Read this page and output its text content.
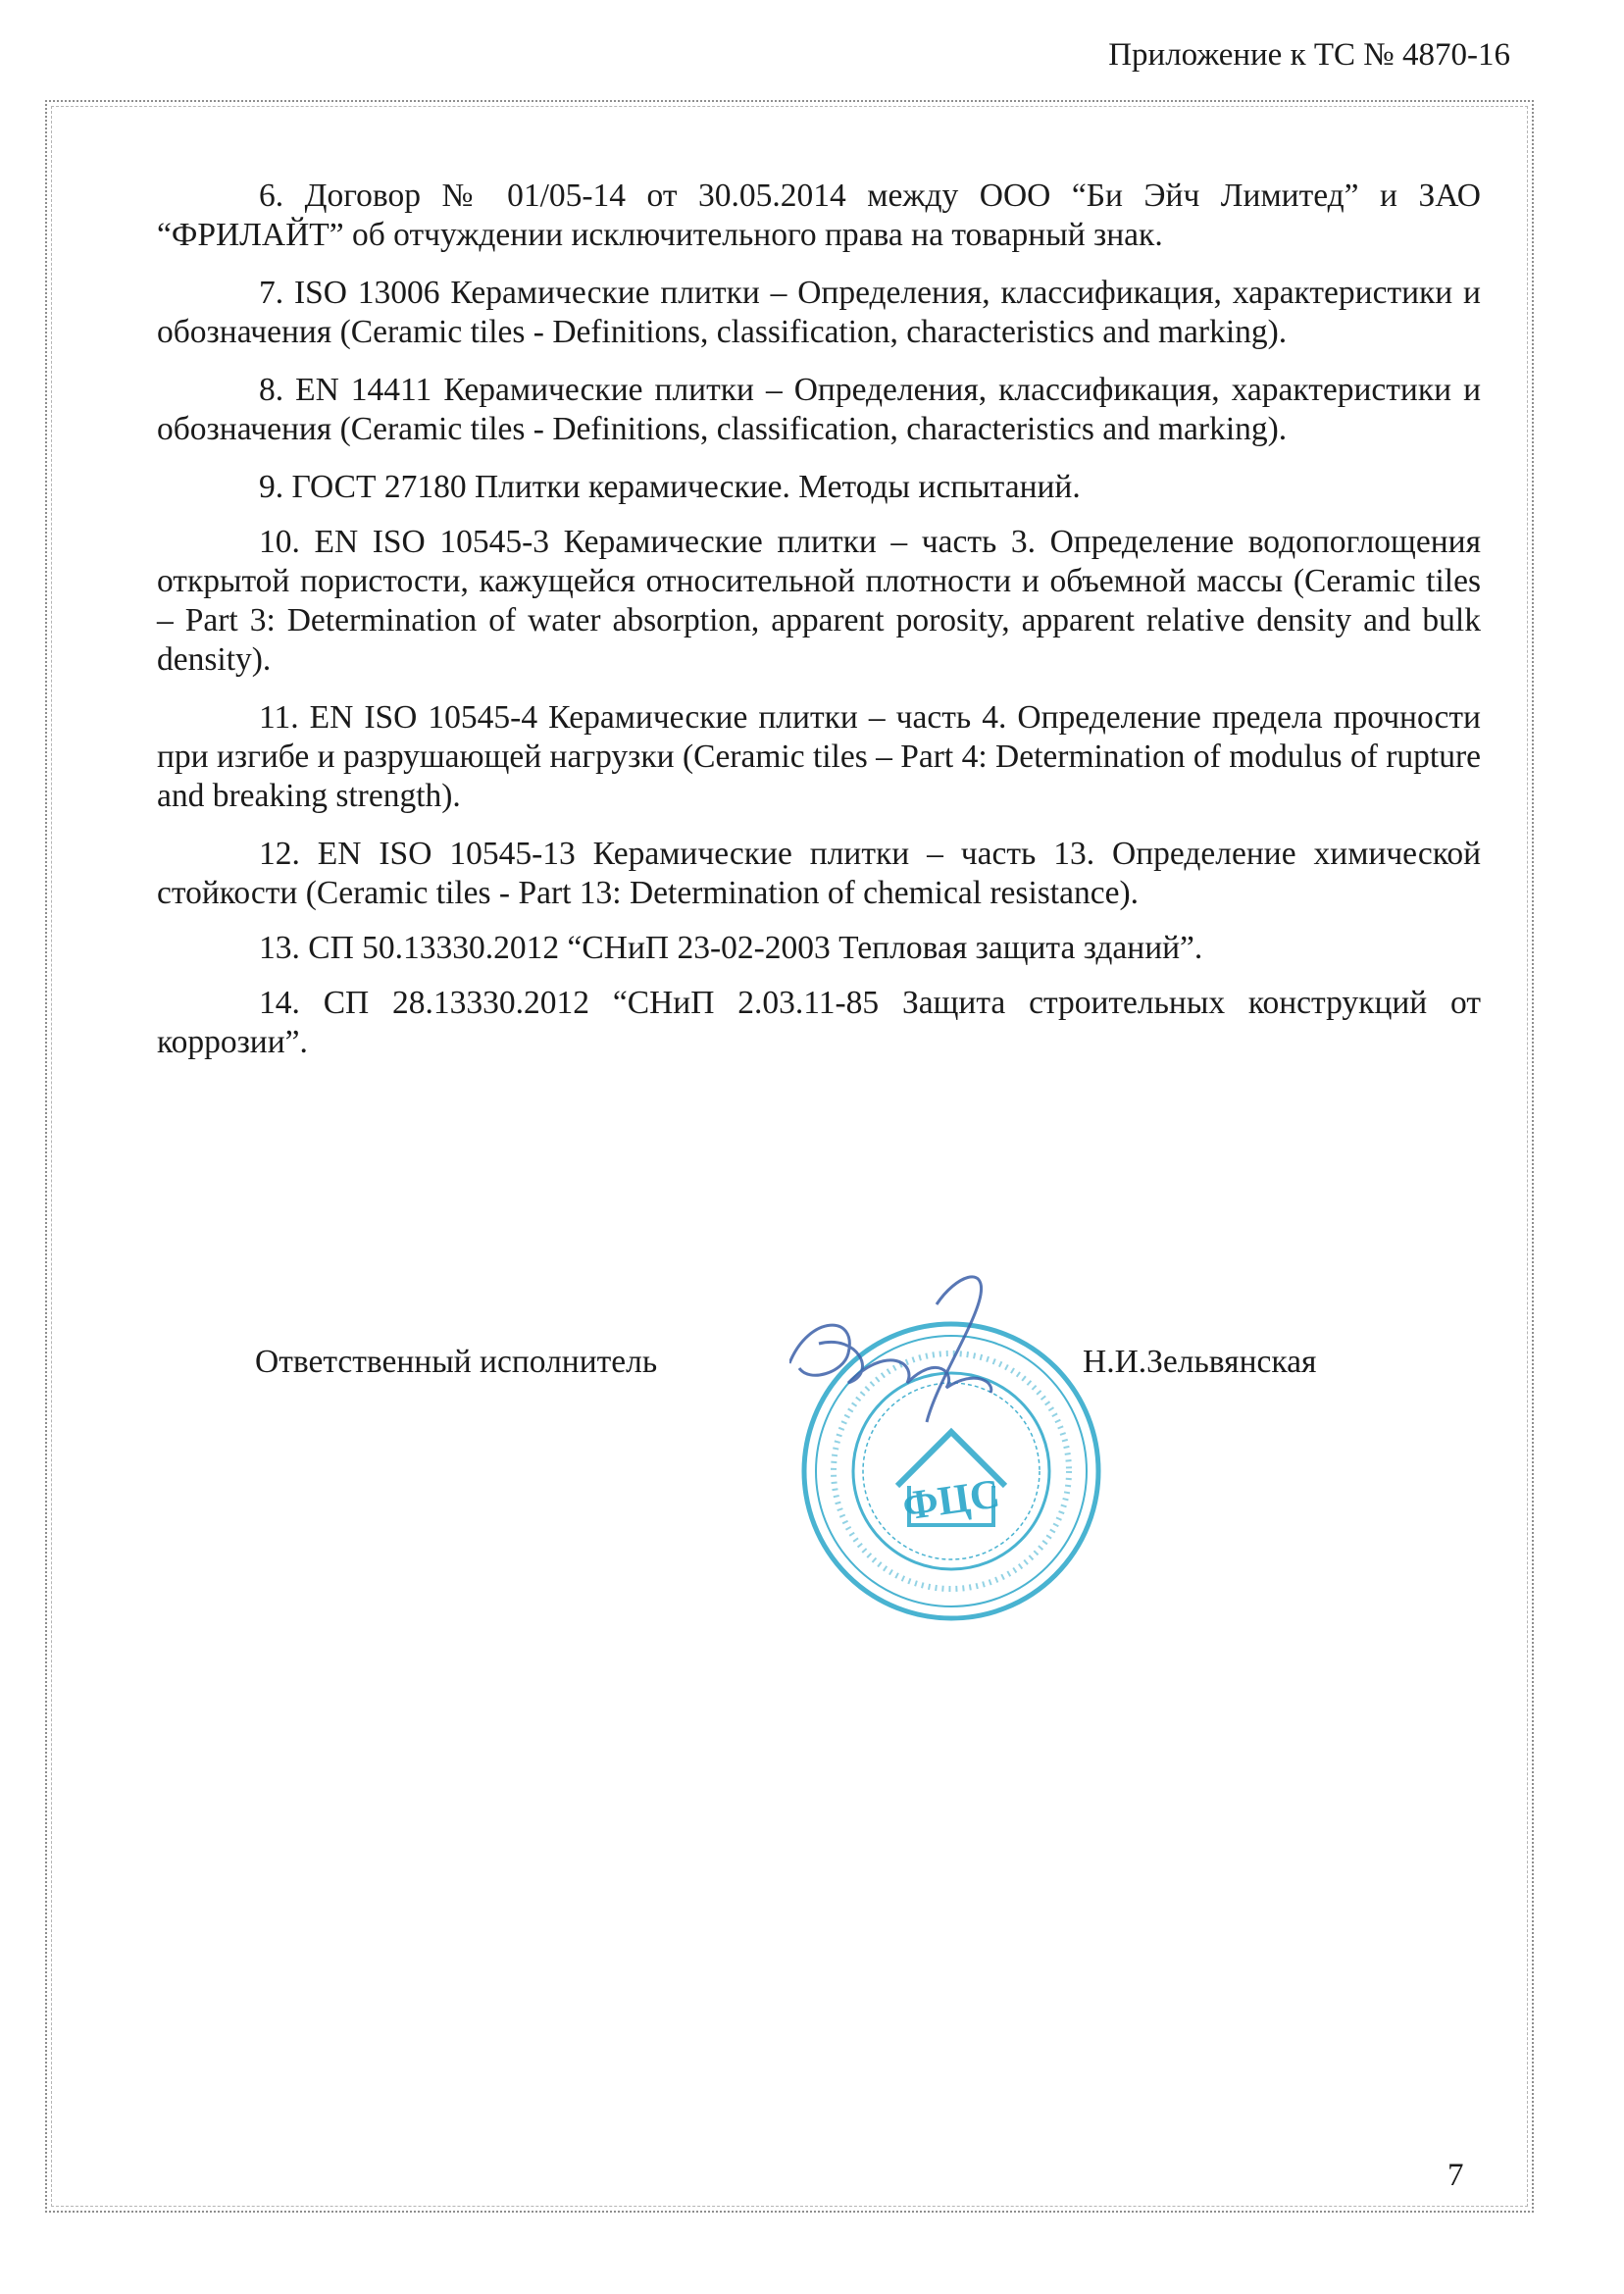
Приложение к ТС № 4870-16

6. Договор № 01/05-14 от 30.05.2014 между ООО “Би Эйч Лимитед” и ЗАО “ФРИЛАЙТ” об отчуждении исключительного права на товарный знак.

7. ISO 13006 Керамические плитки – Определения, классификация, характеристики и обозначения (Ceramic tiles - Definitions, classification, characteristics and marking).

8. EN 14411 Керамические плитки – Определения, классификация, характеристики и обозначения (Ceramic tiles - Definitions, classification, characteristics and marking).

9. ГОСТ 27180 Плитки керамические. Методы испытаний.

10. EN ISO 10545-3 Керамические плитки – часть 3. Определение водопоглощения открытой пористости, кажущейся относительной плотности и объемной массы (Ceramic tiles – Part 3: Determination of water absorption, apparent porosity, apparent relative density and bulk density).

11. EN ISO 10545-4 Керамические плитки – часть 4. Определение предела прочности при изгибе и разрушающей нагрузки (Ceramic tiles – Part 4: Determination of modulus of rupture and breaking strength).

12. EN ISO 10545-13 Керамические плитки – часть 13. Определение химической стойкости (Ceramic tiles - Part 13: Determination of chemical resistance).

13. СП 50.13330.2012 “СНиП 23-02-2003 Тепловая защита зданий”.

14. СП 28.13330.2012 “СНиП 2.03.11-85 Защита строительных конструкций от коррозии”.

Ответственный исполнитель	Н.И.Зельвянская
ФЦС
7
